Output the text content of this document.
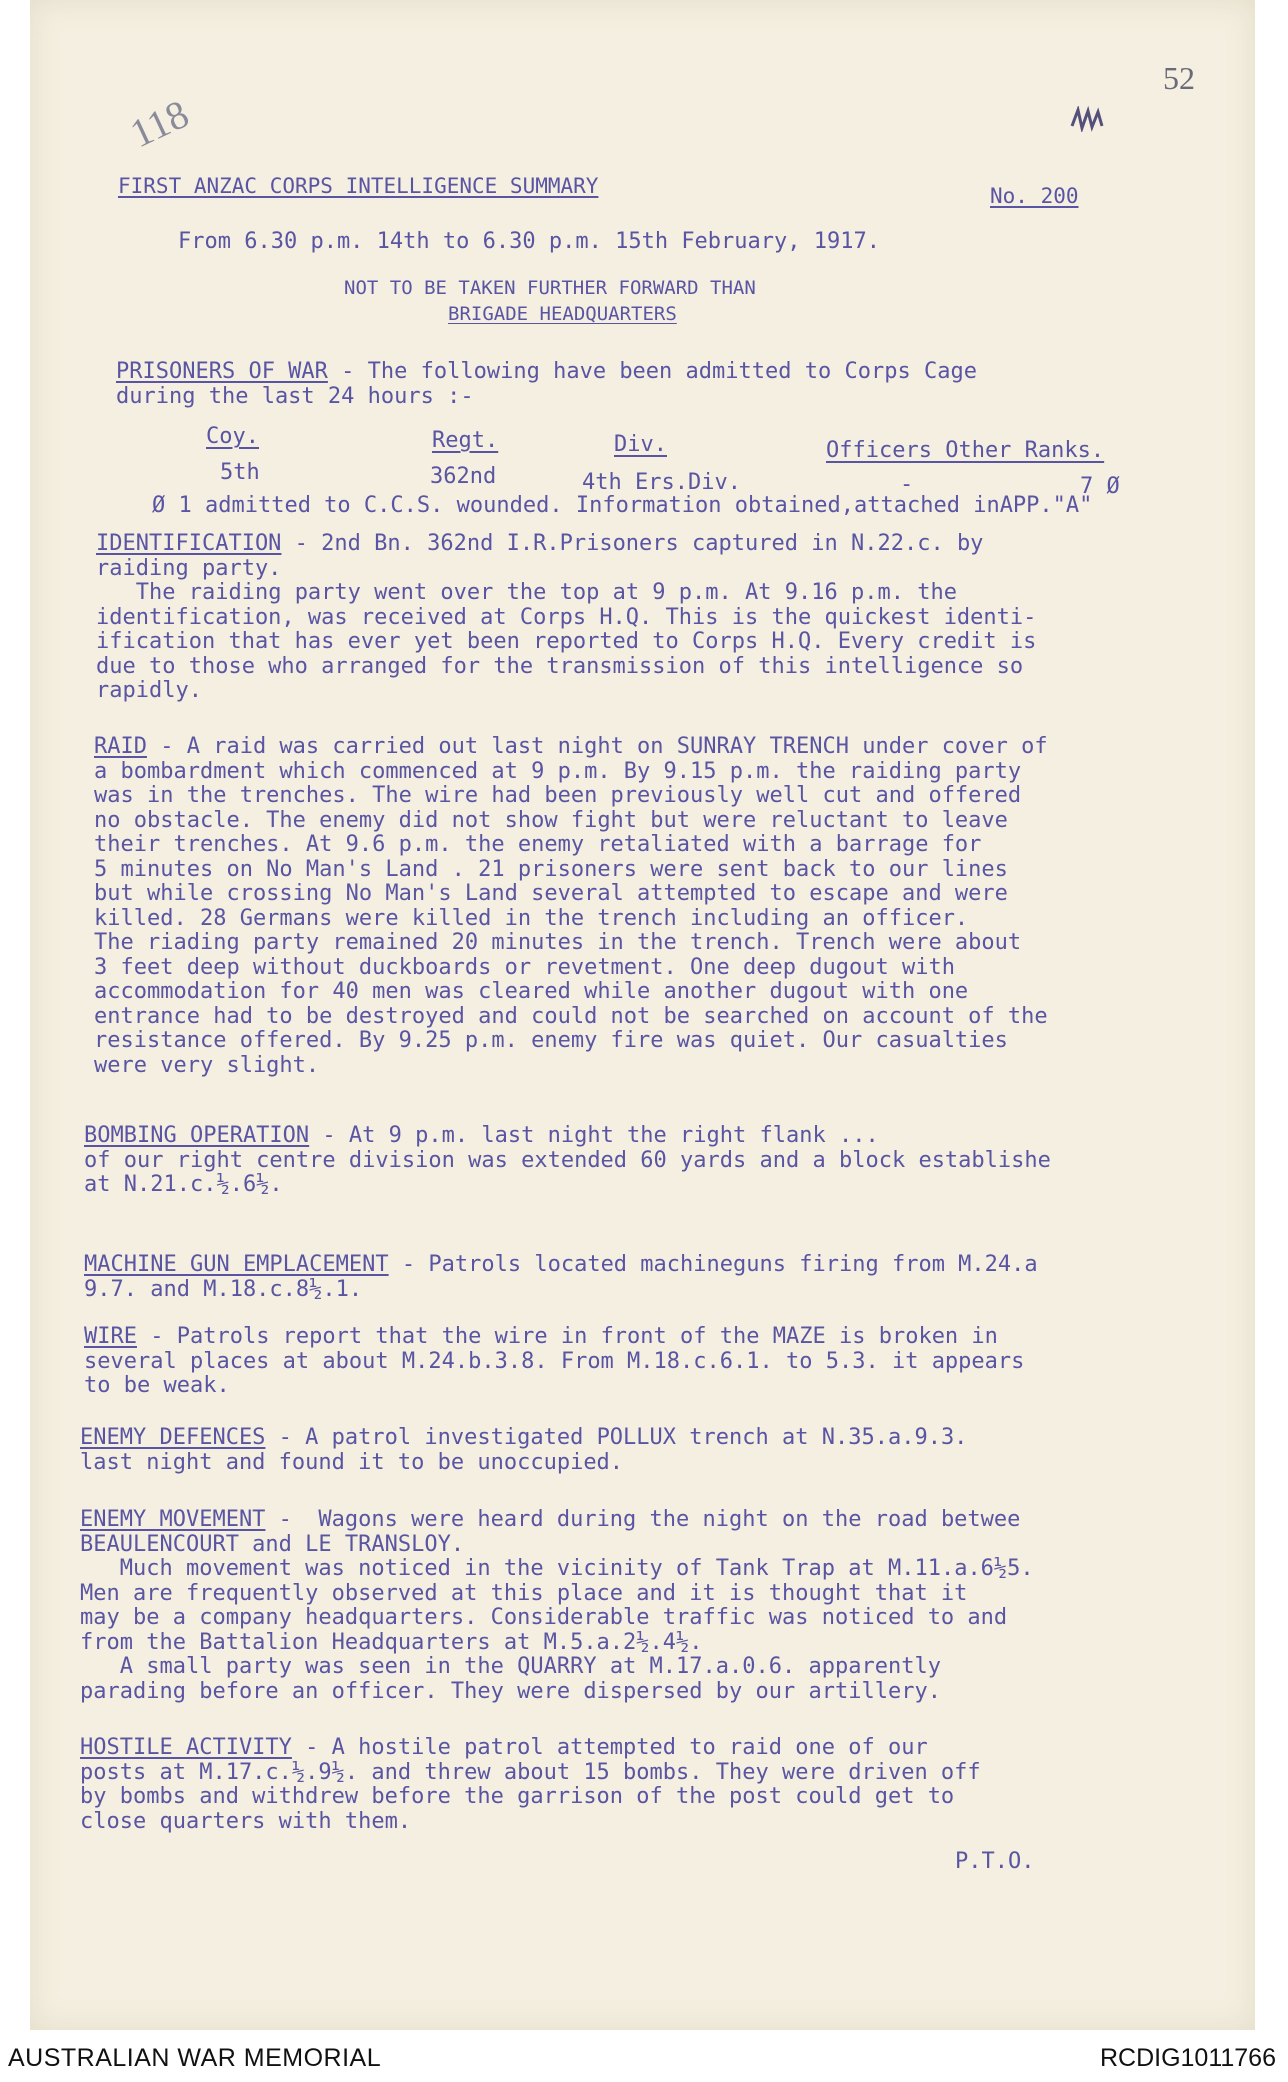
52
118
FIRST ANZAC CORPS INTELLIGENCE SUMMARY	No. 200
From 6.30 p.m. 14th to 6.30 p.m. 15th February, 1917.
NOT TO BE TAKEN FURTHER FORWARD THAN
BRIGADE HEADQUARTERS
PRISONERS OF WAR - The following have been admitted to Corps Cage
during the last 24 hours :-
Coy.	Regt.	Div.	Officers Other Ranks.
5th	362nd	4th Ers.Div.	-	7 Ø
Ø 1 admitted to C.C.S. wounded. Information obtained,attached inAPP."A"
IDENTIFICATION - 2nd Bn. 362nd I.R.Prisoners captured in N.22.c. by
raiding party.
The raiding party went over the top at 9 p.m. At 9.16 p.m. the
identification, was received at Corps H.Q. This is the quickest identi-
ification that has ever yet been reported to Corps H.Q. Every credit is
due to those who arranged for the transmission of this intelligence so
rapidly.
RAID - A raid was carried out last night on SUNRAY TRENCH under cover of
a bombardment which commenced at 9 p.m. By 9.15 p.m. the raiding party
was in the trenches. The wire had been previously well cut and offered
no obstacle. The enemy did not show fight but were reluctant to leave
their trenches. At 9.6 p.m. the enemy retaliated with a barrage for
5 minutes on No Man's Land . 21 prisoners were sent back to our lines
but while crossing No Man's Land several attempted to escape and were
killed. 28 Germans were killed in the trench including an officer.
The riading party remained 20 minutes in the trench. Trench were about
3 feet deep without duckboards or revetment. One deep dugout with
accommodation for 40 men was cleared while another dugout with one
entrance had to be destroyed and could not be searched on account of the
resistance offered. By 9.25 p.m. enemy fire was quiet. Our casualties
were very slight.
BOMBING OPERATION - At 9 p.m. last night the right flank ...
of our right centre division was extended 60 yards and a block establishe
at N.21.c.½.6½.
MACHINE GUN EMPLACEMENT - Patrols located machineguns firing from M.24.a
9.7. and M.18.c.8½.1.
WIRE - Patrols report that the wire in front of the MAZE is broken in
several places at about M.24.b.3.8. From M.18.c.6.1. to 5.3. it appears
to be weak.
ENEMY DEFENCES - A patrol investigated POLLUX trench at N.35.a.9.3.
last night and found it to be unoccupied.
ENEMY MOVEMENT -  Wagons were heard during the night on the road betwee
BEAULENCOURT and LE TRANSLOY.
Much movement was noticed in the vicinity of Tank Trap at M.11.a.6½5.
Men are frequently observed at this place and it is thought that it
may be a company headquarters. Considerable traffic was noticed to and
from the Battalion Headquarters at M.5.a.2½.4½.
A small party was seen in the QUARRY at M.17.a.0.6. apparently
parading before an officer. They were dispersed by our artillery.
HOSTILE ACTIVITY - A hostile patrol attempted to raid one of our
posts at M.17.c.½.9½. and threw about 15 bombs. They were driven off
by bombs and withdrew before the garrison of the post could get to
close quarters with them.
P.T.O.
AUSTRALIAN WAR MEMORIAL	RCDIG1011766
